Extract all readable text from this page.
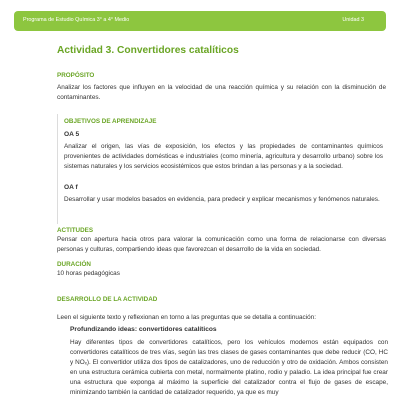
Programa de Estudio Química 3° a 4° Medio	Unidad 3
Actividad 3. Convertidores catalíticos
PROPÓSITO
Analizar los factores que influyen en la velocidad de una reacción química y su relación con la disminución de contaminantes.
OBJETIVOS DE APRENDIZAJE
OA 5
Analizar el origen, las vías de exposición, los efectos y las propiedades de contaminantes químicos provenientes de actividades domésticas e industriales (como minería, agricultura y desarrollo urbano) sobre los sistemas naturales y los servicios ecosistémicos que estos brindan a las personas y a la sociedad.
OA f
Desarrollar y usar modelos basados en evidencia, para predecir y explicar mecanismos y fenómenos naturales.
ACTITUDES
Pensar con apertura hacia otros para valorar la comunicación como una forma de relacionarse con diversas personas y culturas, compartiendo ideas que favorezcan el desarrollo de la vida en sociedad.
DURACIÓN
10 horas pedagógicas
DESARROLLO DE LA ACTIVIDAD
Leen el siguiente texto y reflexionan en torno a las preguntas que se detalla a continuación:
Profundizando ideas: convertidores catalíticos
Hay diferentes tipos de convertidores catalíticos, pero los vehículos modernos están equipados con convertidores catalíticos de tres vías, según las tres clases de gases contaminantes que debe reducir (CO, HC y NOₓ). El convertidor utiliza dos tipos de catalizadores, uno de reducción y otro de oxidación. Ambos consisten en una estructura cerámica cubierta con metal, normalmente platino, rodio y paladio. La idea principal fue crear una estructura que exponga al máximo la superficie del catalizador contra el flujo de gases de escape, minimizando también la cantidad de catalizador requerido, ya que es muy
